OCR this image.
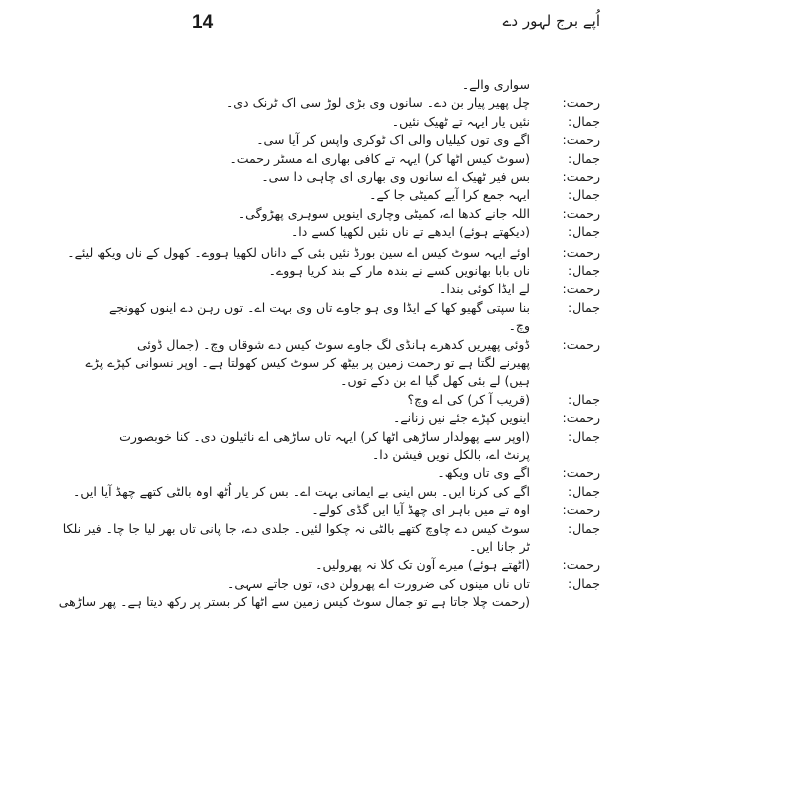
14	اُپے برج لہور دے
سواری والے۔
رحمت:
چل پھیر پیار بن دے۔ سانوں وی بڑی لوڑ سی اک ٹرنک دی۔
جمال:
نئیں یار ایہہ تے ٹھیک نئیں۔
رحمت:
اگے وی توں کیلیاں والی اک ٹوکری واپس کر آیا سی۔
جمال:
(سوٹ کیس اٹھا کر) ایہہ تے کافی بھاری اے مسٹر رحمت۔
رحمت:
بس فیر ٹھیک اے سانوں وی بھاری ای چاہی دا سی۔
جمال:
ایہہ جمع کرا آیے کمیٹی جا کے۔
رحمت:
اللہ جانے کدھا اے، کمیٹی وچاری اینویں سوہری پھڑوگی۔
جمال:
(دیکھتے ہوئے) ایدھے تے ناں نئیں لکھیا کسے دا۔
رحمت:
اوئے ایہہ سوٹ کیس اے سین بورڈ نئیں بئی کے داناں لکھیا ہووے۔ کھول کے ناں ویکھ لیئے۔
جمال:
ناں بابا بھانویں کسے نے بندہ مار کے بند کریا ہووے۔
رحمت:
لے ایڈا کوئی بندا۔
جمال:
بنا سپتی گھیو کھا کے ایڈا وی ہو جاوے تاں وی بہت اے۔ توں رہن دے اینوں کھونجے
وچ۔
رحمت:
ڈوئی پھیریں کدھرے ہانڈی لگ جاوے سوٹ کیس دے شوقاں وچ۔ (جمال ڈوئی
پھیرنے لگتا ہے تو رحمت زمین پر بیٹھ کر سوٹ کیس کھولتا ہے۔ اوپر نسوانی کپڑے پڑے
ہیں) لے بئی کھل گیا اے بن دکے توں۔
جمال:
(قریب آ کر) کی اے وچ؟
رحمت:
اینویں کپڑے جئے نیں زنانے۔
جمال:
(اوپر سے پھولدار ساڑھی اٹھا کر) ایہہ تاں ساڑھی اے نائیلون دی۔ کنا خوبصورت
پرنٹ اے، بالکل نویں فیشن دا۔
رحمت:
اگے وی تاں ویکھ۔
جمال:
اگے کی کرنا ایں۔ بس اینی بے ایمانی بہت اے۔ بس کر یار اُٹھ اوہ بالٹی کتھے چھڈ آیا ایں۔
رحمت:
اوہ تے میں باہر ای چھڈ آیا ایں گڈی کولے۔
جمال:
سوٹ کیس دے چاوچ کتھے بالٹی نہ چکوا لئیں۔ جلدی دے، جا پانی تاں بھر لیا جا چا۔ فیر نلکا
ٹر جانا ایں۔
رحمت:
(اٹھتے ہوئے) میرے آون تک کلا نہ پھرولیں۔
جمال:
تاں ناں مینوں کی ضرورت اے پھرولن دی، توں جاتے سہی۔
(رحمت چلا جاتا ہے تو جمال سوٹ کیس زمین سے اٹھا کر بستر پر رکھ دیتا ہے۔ پھر ساڑھی
